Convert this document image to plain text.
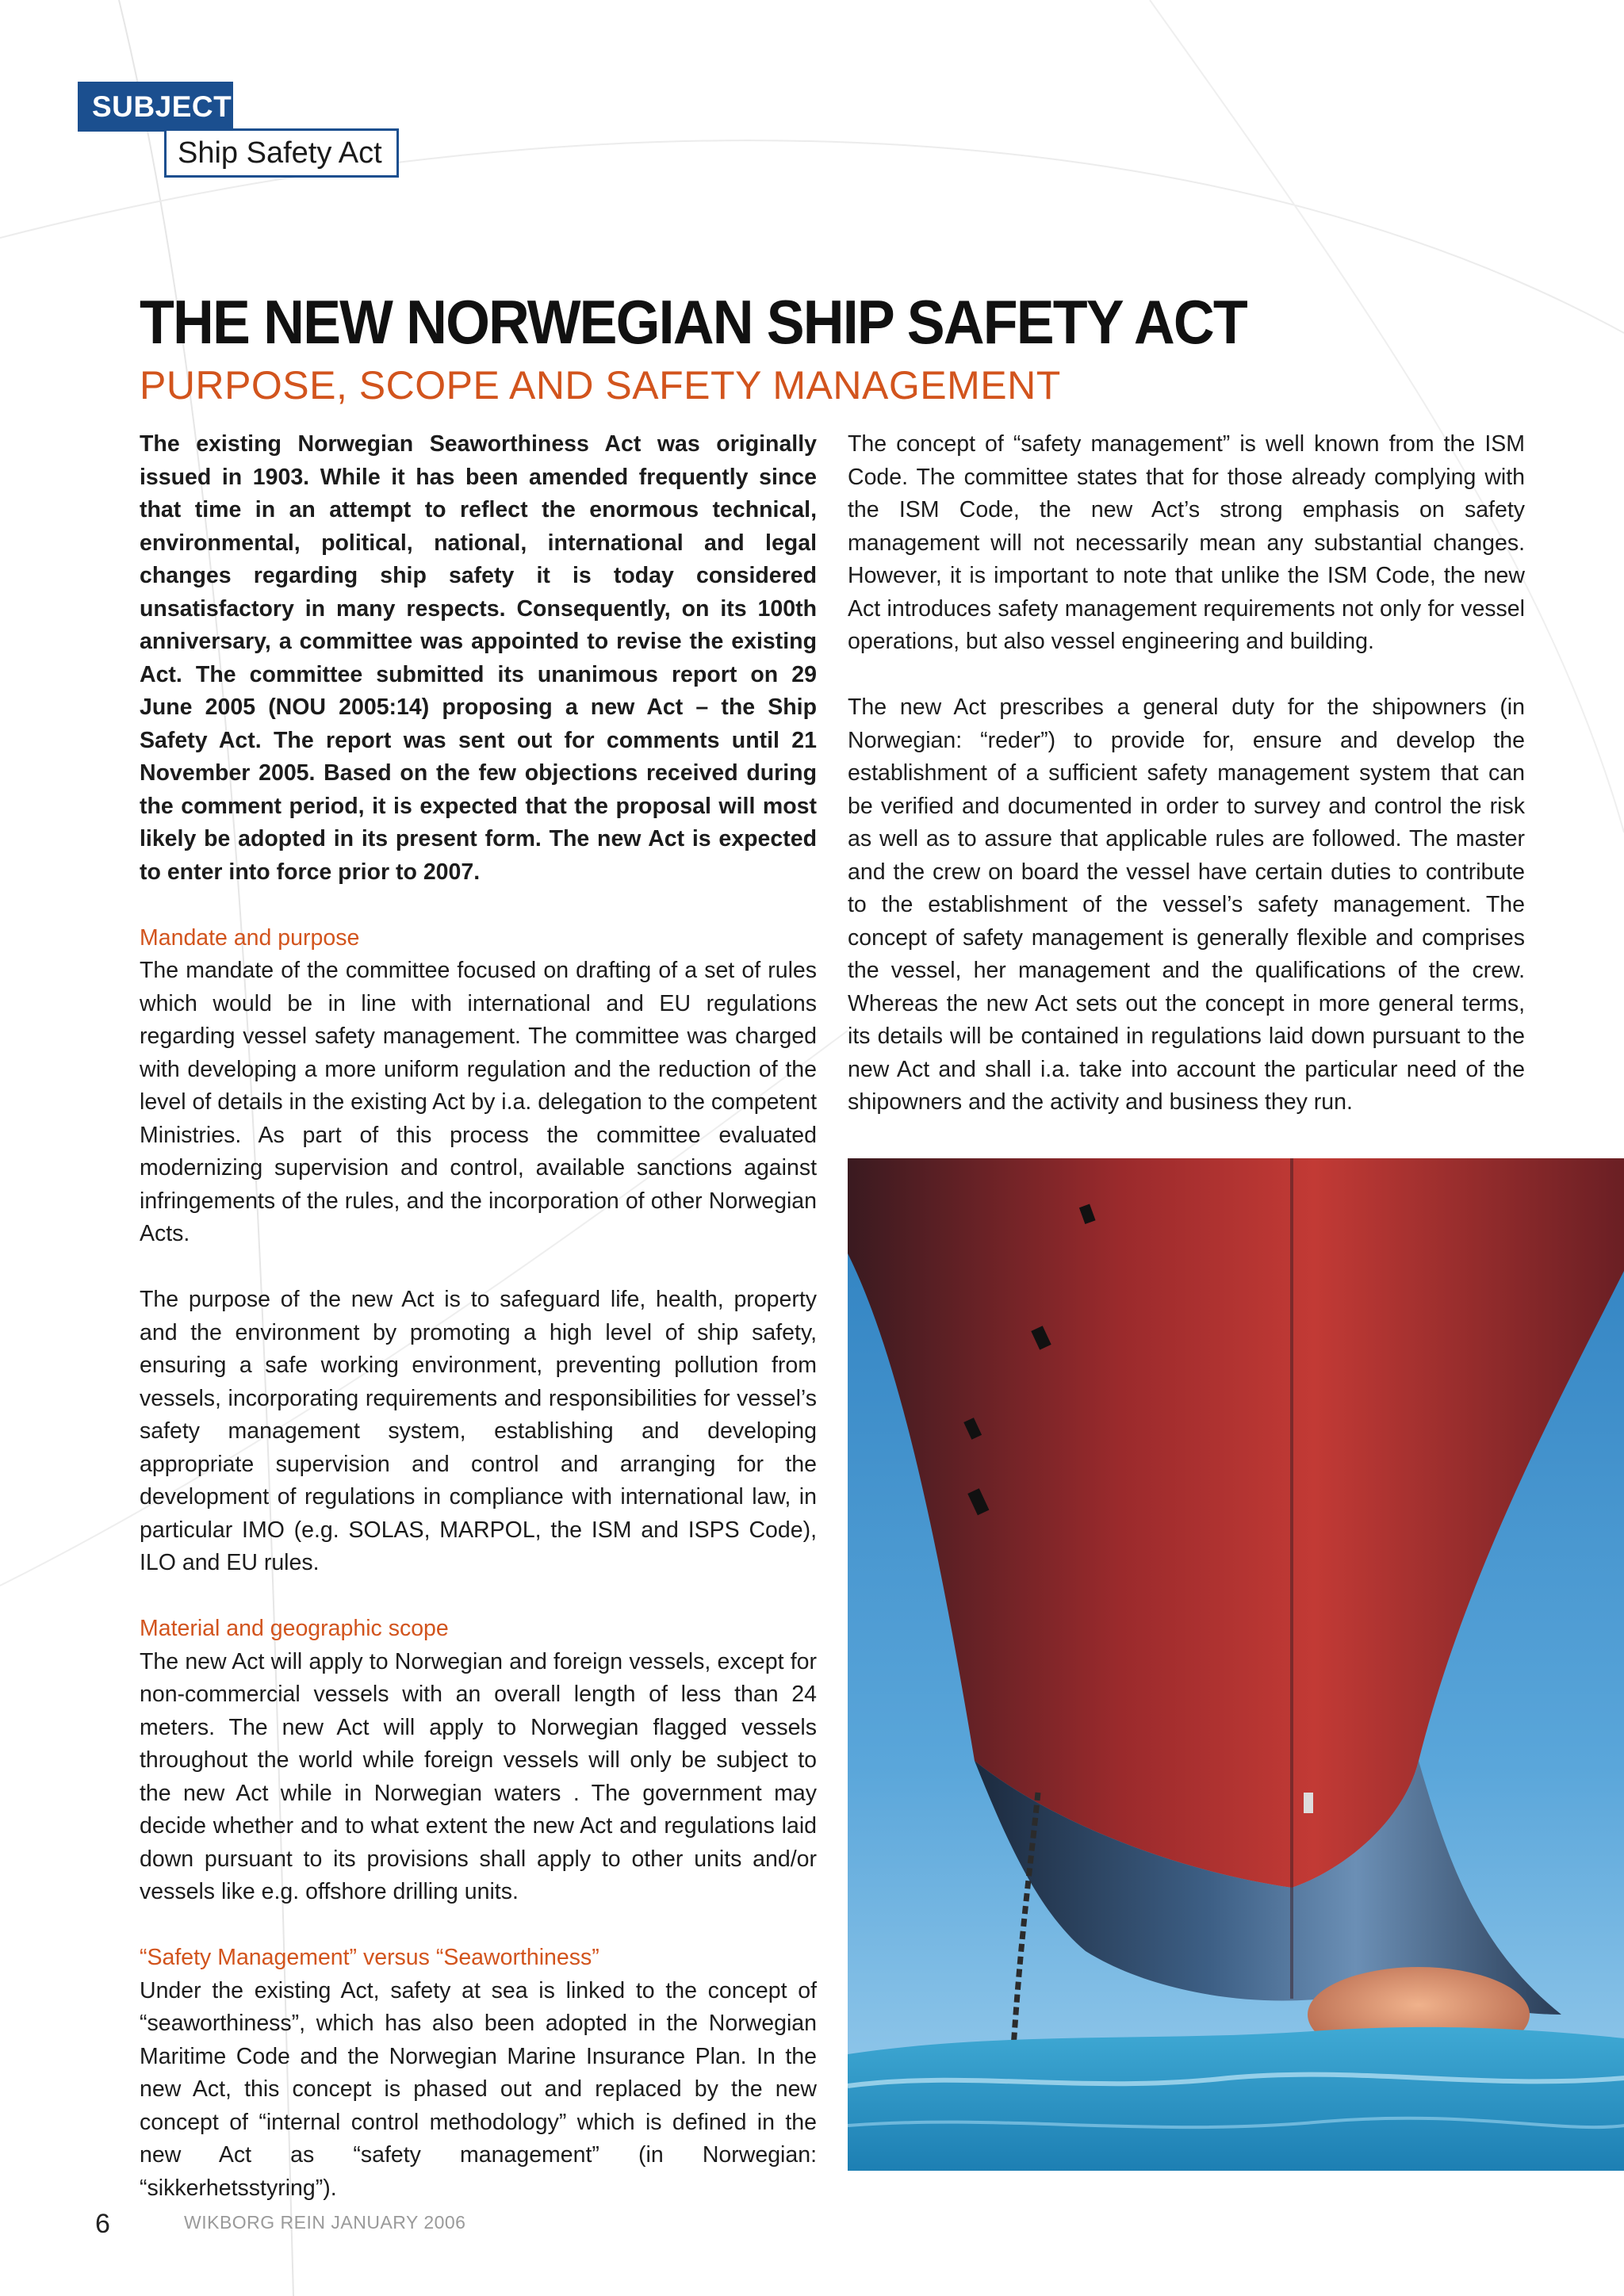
SUBJECT
Ship Safety Act
THE NEW NORWEGIAN SHIP SAFETY ACT
PURPOSE, SCOPE AND SAFETY MANAGEMENT

The existing Norwegian Seaworthiness Act was originally issued in 1903. While it has been amended frequently since that time in an attempt to reflect the enormous technical, environmental, political, national, international and legal changes regarding ship safety it is today considered unsatisfactory in many respects. Consequently, on its 100th anniversary, a committee was appointed to revise the existing Act. The committee submitted its unanimous report on 29 June 2005 (NOU 2005:14) proposing a new Act – the Ship Safety Act. The report was sent out for comments until 21 November 2005. Based on the few objections received during the comment period, it is expected that the proposal will most likely be adopted in its present form. The new Act is expected to enter into force prior to 2007.

Mandate and purpose

The mandate of the committee focused on drafting of a set of rules which would be in line with international and EU regulations regarding vessel safety management. The committee was charged with developing a more uniform regulation and the reduction of the level of details in the existing Act by i.a. delegation to the competent Ministries. As part of this process the committee evaluated modernizing supervision and control, available sanctions against infringements of the rules, and the incorporation of other Norwegian Acts.

The purpose of the new Act is to safeguard life, health, property and the environment by promoting a high level of ship safety, ensuring a safe working environment, preventing pollution from vessels, incorporating requirements and responsibilities for vessel’s safety management system, establishing and developing appropriate supervision and control and arranging for the development of regulations in compliance with international law, in particular IMO (e.g. SOLAS, MARPOL, the ISM and ISPS Code), ILO and EU rules.

Material and geographic scope

The new Act will apply to Norwegian and foreign vessels, except for non-commercial vessels with an overall length of less than 24 meters. The new Act will apply to Norwegian flagged vessels throughout the world while foreign vessels will only be subject to the new Act while in Norwegian waters . The government may decide whether and to what extent the new Act and regulations laid down pursuant to its provisions shall apply to other units and/or vessels like e.g. offshore drilling units.

“Safety Management” versus “Seaworthiness”

Under the existing Act, safety at sea is linked to the concept of “seaworthiness”, which has also been adopted in the Norwegian Maritime Code and the Norwegian Marine Insurance Plan. In the new Act, this concept is phased out and replaced by the new concept of “internal control methodology” which is defined in the new Act as “safety management” (in Norwegian: “sikkerhetsstyring”).

The concept of “safety management” is well known from the ISM Code. The committee states that for those already complying with the ISM Code, the new Act’s strong emphasis on safety management will not necessarily mean any substantial changes. However, it is important to note that unlike the ISM Code, the new Act introduces safety management requirements not only for vessel operations, but also vessel engineering and building.

The new Act prescribes a general duty for the shipowners (in Norwegian: “reder”) to provide for, ensure and develop the establishment of a sufficient safety management system that can be verified and documented in order to survey and control the risk as well as to assure that applicable rules are followed. The master and the crew on board the vessel have certain duties to contribute to the establishment of the vessel’s safety management. The concept of safety management is generally flexible and comprises the vessel, her management and the qualifications of the crew. Whereas the new Act sets out the concept in more general terms, its details will be contained in regulations laid down pursuant to the new Act and shall i.a. take into account the particular need of the shipowners and the activity and business they run.

6	WIKBORG REIN JANUARY 2006
